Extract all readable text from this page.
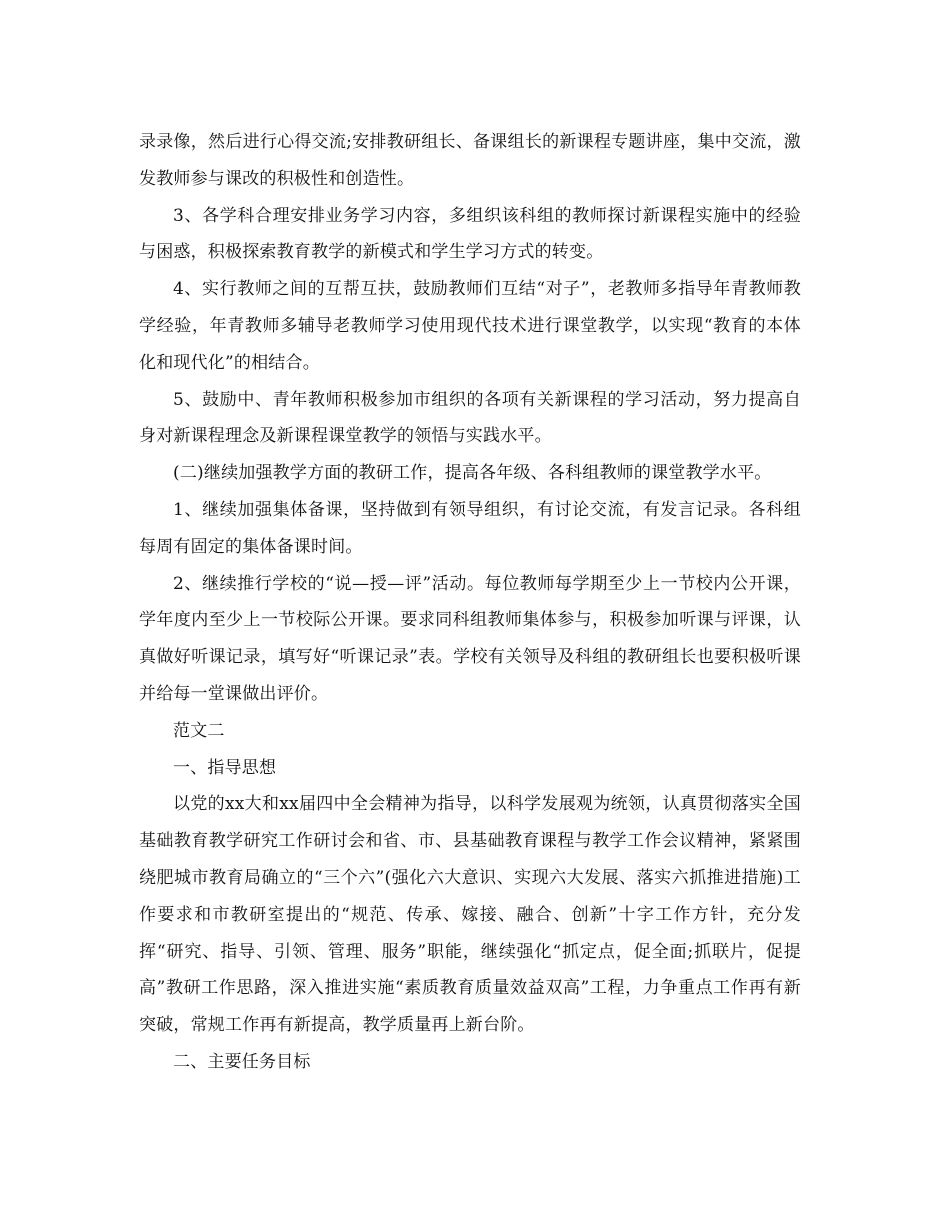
录录像，然后进行心得交流;安排教研组长、备课组长的新课程专题讲座，集中交流，激发教师参与课改的积极性和创造性。

3、各学科合理安排业务学习内容，多组织该科组的教师探讨新课程实施中的经验与困惑，积极探索教育教学的新模式和学生学习方式的转变。

4、实行教师之间的互帮互扶，鼓励教师们互结“对子”，老教师多指导年青教师教学经验，年青教师多辅导老教师学习使用现代技术进行课堂教学，以实现“教育的本体化和现代化”的相结合。

5、鼓励中、青年教师积极参加市组织的各项有关新课程的学习活动，努力提高自身对新课程理念及新课程课堂教学的领悟与实践水平。

(二)继续加强教学方面的教研工作，提高各年级、各科组教师的课堂教学水平。

1、继续加强集体备课，坚持做到有领导组织，有讨论交流，有发言记录。各科组每周有固定的集体备课时间。

2、继续推行学校的“说—授—评”活动。每位教师每学期至少上一节校内公开课，学年度内至少上一节校际公开课。要求同科组教师集体参与，积极参加听课与评课，认真做好听课记录，填写好“听课记录”表。学校有关领导及科组的教研组长也要积极听课并给每一堂课做出评价。

范文二

一、指导思想

以党的xx大和xx届四中全会精神为指导，以科学发展观为统领，认真贯彻落实全国基础教育教学研究工作研讨会和省、市、县基础教育课程与教学工作会议精神，紧紧围绕肥城市教育局确立的“三个六”(强化六大意识、实现六大发展、落实六抓推进措施)工作要求和市教研室提出的“规范、传承、嫁接、融合、创新”十字工作方针，充分发挥“研究、指导、引领、管理、服务”职能，继续强化“抓定点，促全面;抓联片，促提高”教研工作思路，深入推进实施“素质教育质量效益双高”工程，力争重点工作再有新突破，常规工作再有新提高，教学质量再上新台阶。

二、主要任务目标
